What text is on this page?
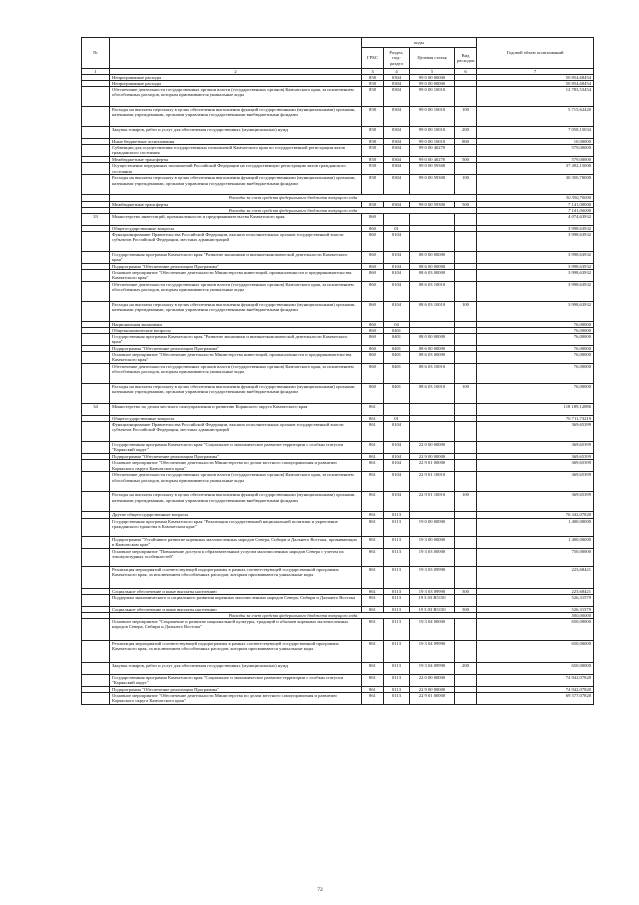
№		коды				Годовой объем ассигнований
		ГРБС	Раздел, под- раздел	Целевая статья	Вид расходов	
1	2	3	4	5	6	7
	Непрограммные расходы	858	0304	99 0 00 00000		50 854,68454
	Непрограммные расходы	858	0304	99 0 00 00000		50 854,68454
	Обеспечение деятельности государственных органов власти (государственных органов) Камчатского края, за исключением обособленных расходов, которым присваиваются уникальные коды	858	0304	99 0 00 10010		12 783,53454
	Расходы на выплаты персоналу в целях обеспечения выполнения функций государственными (муниципальными) органами, казенными учреждениями, органами управления государственными внебюджетными фондами	858	0304	99 0 00 10010	100	5 715,62420
	Закупка товаров, работ и услуг для обеспечения государственных (муниципальных) нужд	858	0304	99 0 00 10010	200	7 058,15034
	Иные бюджетные ассигнования	858	0304	99 0 00 10010	800	10,00000
	Субвенции для осуществления государственных полномочий Камчатского края по государственной регистрации актов гражданского состояния	858	0304	99 0 00 40270		579,00000
	Межбюджетные трансферты	858	0304	99 0 00 40270	500	579,00000
	Осуществление переданных полномочий Российской Федерации на государственную регистрацию актов гражданского состояния	858	0304	99 0 00 59300		37 492,15000
	Расходы на выплаты персоналу в целях обеспечения выполнения функций государственными (муниципальными) органами, казенными учреждениями, органами управления государственными внебюджетными фондами	858	0304	99 0 00 59300	100	30 350,70000
	Расходы за счет средств федерального бюджета текущего года					30 350,70000
	Межбюджетные трансферты	858	0304	99 0 00 59300	500	7 141,00000
	Расходы за счет средств федерального бюджета текущего года					7 141,00000
33	Министерство инвестиций, промышленности и предпринимательства Камчатского края	860				4 074,63932
	Общегосударственные вопросы	860	01			3 998,63932
	Функционирование Правительства Российской Федерации, высших исполнительных органов государственной власти субъектов Российской Федерации, местных администраций	860	0104			3 998,63932
	Государственная программа Камчатского края "Развитие экономики и внешнеэкономической деятельности Камчатского края"	860	0104	08 0 00 00000		3 998,63932
	Подпрограмма "Обеспечение реализации Программы"	860	0104	08 6 00 00000		3 998,63932
	Основное мероприятие "Обеспечение деятельности Министерства инвестиций, промышленности и предпринимательства Камчатского края"	860	0104	08 6 03 00000		3 998,63932
	Обеспечение деятельности государственных органов власти (государственных органов) Камчатского края, за исключением обособленных расходов, которым присваиваются уникальные коды	860	0104	08 6 03 10010		3 998,63932
	Расходы на выплаты персоналу в целях обеспечения выполнения функций государственными (муниципальными) органами, казенными учреждениями, органами управления государственными внебюджетными фондами	860	0104	08 6 03 10010	100	3 998,63932
	Национальная экономика	860	04			76,00000
	Общеэкономические вопросы	860	0401			76,00000
	Государственная программа Камчатского края "Развитие экономики и внешнеэкономической деятельности Камчатского края"	860	0401	08 0 00 00000		76,00000
	Подпрограмма "Обеспечение реализации Программы"	860	0401	08 6 00 00000		76,00000
	Основное мероприятие "Обеспечение деятельности Министерства инвестиций, промышленности и предпринимательства Камчатского края"	860	0401	08 6 03 00000		76,00000
	Обеспечение деятельности государственных органов власти (государственных органов) Камчатского края, за исключением обособленных расходов, которым присваиваются уникальные коды	860	0401	08 6 03 10010		76,00000
	Расходы на выплаты персоналу в целях обеспечения выполнения функций государственными (муниципальными) органами, казенными учреждениями, органами управления государственными внебюджетными фондами	860	0401	08 6 03 10010	100	76,00000
34	Министерство по делам местного самоуправления и развитию Корякского округа Камчатского края	861				118 189,12886
	Общегосударственные вопросы	861	01			76 711,73219
	Функционирование Правительства Российской Федерации, высших исполнительных органов государственной власти субъектов Российской Федерации, местных администраций	861	0104			369,65399
	Государственная программа Камчатского края "Социальное и экономическое развитие территории с особым статусом "Корякский округ"	861	0104	22 0 00 00000		369,65399
	Подпрограмма "Обеспечение реализации Программы"	861	0104	22 9 00 00000		369,65399
	Основное мероприятие "Обеспечение деятельности Министерства по делам местного самоуправления и развитию Корякского округа Камчатского края"	861	0104	22 9 01 00000		369,65399
	Обеспечение деятельности государственных органов власти (государственных органов) Камчатского края, за исключением обособленных расходов, которым присваиваются уникальные коды	861	0104	22 9 01 10010		369,65399
	Расходы на выплаты персоналу в целях обеспечения выполнения функций государственными (муниципальными) органами, казенными учреждениями, органами управления государственными внебюджетными фондами	861	0104	22 9 01 10010	100	369,65399
	Другие общегосударственные вопросы	861	0113			76 342,07820
	Государственная программа Камчатского края "Реализация государственной национальной политики и укрепление гражданского единства в Камчатском крае"	861	0113	19 0 00 00000		1 400,00000
	Подпрограмма "Устойчивое развитие коренных малочисленных народов Севера, Сибири и Дальнего Востока, проживающих в Камчатском крае"	861	0113	19 3 00 00000		1 400,00000
	Основное мероприятие "Повышение доступа к образовательным услугам малочисленных народов Севера с учетом их этнокультурных особенностей"	861	0113	19 3 03 00000		750,00000
	Реализация мероприятий соответствующей подпрограммы в рамках соответствующей государственной программы Камчатского края, за исключением обособленных расходов, которым присваиваются уникальные коды	861	0113	19 3 03 09990		223,68421
	Социальное обеспечение и иные выплаты населению	861	0113	19 3 03 09990	300	223,68421
	Поддержка экономического и социального развития коренных малочисленных народов Севера, Сибири и Дальнего Востока	861	0113	19 3 03 R5150		526,31579
	Социальное обеспечение и иные выплаты населению	861	0113	19 3 03 R5150	300	526,31579
	Расходы за счет средств федерального бюджета текущего года					500,00000
	Основное мероприятие "Сохранение и развитие национальной культуры, традиций и обычаев коренных малочисленных народов Севера, Сибири и Дальнего Востока"	861	0113	19 3 04 00000		650,00000
	Реализация мероприятий соответствующей подпрограммы в рамках соответствующей государственной программы Камчатского края, за исключением обособленных расходов, которым присваиваются уникальные коды	861	0113	19 3 04 09990		650,00000
	Закупка товаров, работ и услуг для обеспечения государственных (муниципальных) нужд	861	0113	19 3 04 09990	200	650,00000
	Государственная программа Камчатского края "Социальное и экономическое развитие территории с особым статусом "Корякский округ"	861	0113	22 0 00 00000		74 942,07820
	Подпрограмма "Обеспечение реализации Программы"	861	0113	22 9 00 00000		74 942,07820
	Основное мероприятие "Обеспечение деятельности Министерства по делам местного самоуправления и развитию Корякского округа Камчатского края"	861	0113	22 9 01 00000		69 577,07820
72
